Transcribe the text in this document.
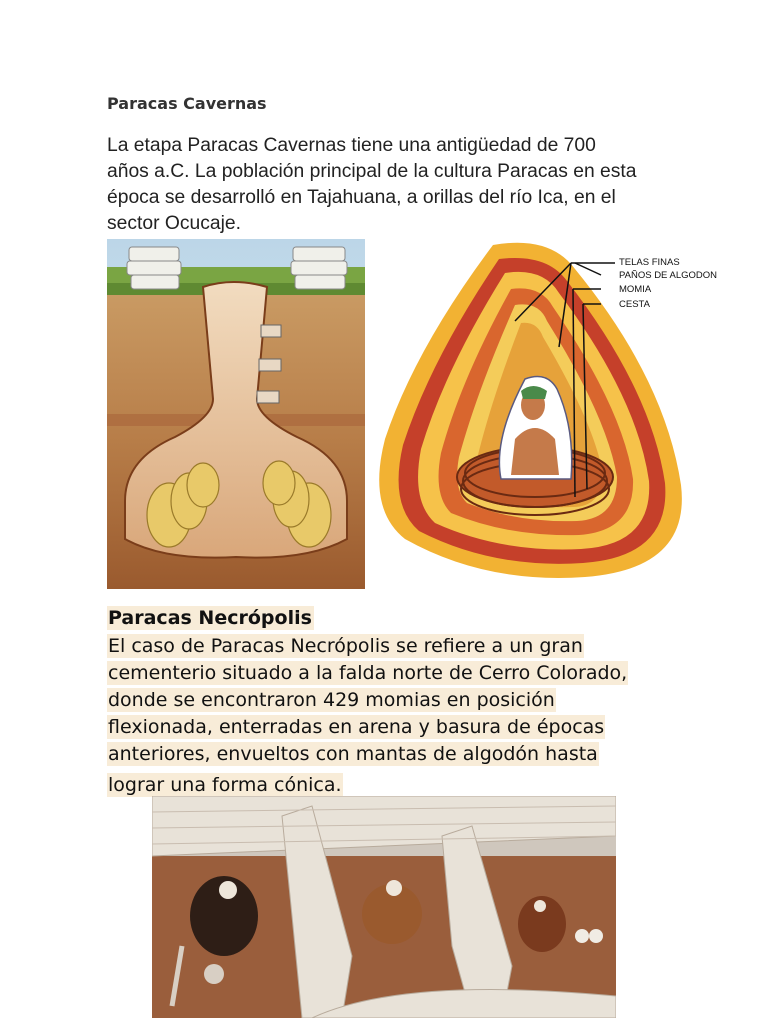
Paracas Cavernas
La etapa Paracas Cavernas tiene una antigüedad de 700
años a.C. La población principal de la cultura Paracas en esta
época se desarrolló en Tajahuana, a orillas del río Ica, en el
sector Ocucaje.
TELAS FINAS
PAÑOS DE ALGODON
MOMIA
CESTA
Paracas Necrópolis
El caso de Paracas Necrópolis se refiere a un gran
cementerio situado a la falda norte de Cerro Colorado,
donde se encontraron 429 momias en posición
flexionada, enterradas en arena y basura de épocas
anteriores, envueltos con mantas de algodón hasta
lograr una forma cónica.
